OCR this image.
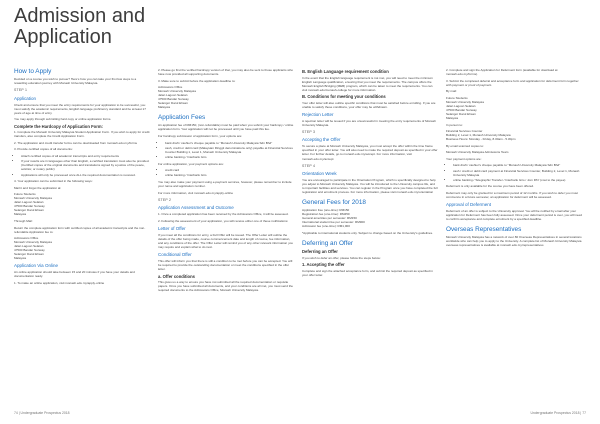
Admission and Application
How to Apply

Decided on a course you wish to pursue? Here's how you can take your first few steps to a rewarding education journey with Monash University Malaysia.

STEP 1
Application

Check and ensure that you meet the entry requirements for your application to be successful, you must satisfy the academic requirements, English language proficiency standard and be at least 17 years of age at time of entry.

You may apply through submitting hard copy or online application forms.

Complete the Hardcopy of Application Form:

1. Complete the Monash University Malaysia Student Application Form. If you wish to apply for credit transfers, also complete the Credit Application Form.

2. The application and credit transfer forms can be downloaded from monash.edu.my/forms

3. Provide certified copies of all documents:

• Attach certified copies of all academic transcripts and entry requirements
• If your results are in languages other than English, a certified translation must also be provided. (Certified copies of the original documents and translations signed by a justice of the peace, solicitor, or notary public)
• Applications will only be processed once ALL the required documentation is received.

4. Your application can be submitted in the following ways:

Mail it and forget the application at:

Future Students
Monash University Malaysia
Jalan Lagoon Selatan
47500 Bandar Sunway
Selangor Darul Ehsan
Malaysia

Through Mail:

Return the complete application form with certified copies of all academic transcripts and the non-refundable Application fee to:

Admissions Office
Monash University Malaysia
Jalan Lagoon Selatan
47500 Bandar Sunway
Selangor Darul Ehsan
Malaysia
Application Via Online

An online application should take between 15 and 20 minutes if you have your details and documentation ready.

1. To make an online application, visit monash.edu.my/apply-online

2. Please go first the verified hardcopy version of that, you may also be sent to those applicants who have now provided all supporting documents.

3. Make sure to submit before the application deadline to:

Admissions Office
Monash University Malaysia
Jalan Lagoon Selatan
47500 Bandar Sunway
Selangor Darul Ehsan
Malaysia
Application Fees

An application fee of RM150, (non-refundable) must be paid when you submit your hardcopy / online application form. Your application will not be processed until you have paid this fee.

For hardcopy submission of application form, your options are:

• bank draft / cashier's cheque payable to "Monash University Malaysia Sdn Bhd"
• cash, credit or debit card (Malaysian Ringgit denominations only) payable at Financial Services Counter Building 1, Level 1, Monash University Malaysia
• online banking / Interbank Giro

For online application, your payment options are:

• credit card
• online banking / Interbank Giro

You may also make your payment using e-payment services, however, please remember to include your name and application number.

For more information, visit monash.edu.my/apply-online

STEP 2
Application Assessment and Outcome

1. Once a completed application has been received by the Admissions Office, it will be assessed.

2. Following the assessment of your application, you will receive either one of these notifications:

Letter of Offer

If you meet all the conditions for entry, a Full Offer will be issued. The Offer Letter will outline the details of the offer being made, course commencement date and length of course, fee information, and any conditions of the offer. The Offer Letter will remind you of any other relevant information you may require and explain what to do next.

Conditional Offer

This offer will inform you that there is still a condition to be met before you can be accepted. You will be required to provide the outstanding documentation or meet the conditions specified in the offer letter.

a. Offer conditions

This gives us a way to ensure you have not submitted all the required documentation or requisite papers. Once you have submitted all documents, and your conditions are all met, you must send the required documents to the Admissions Office, Monash University Malaysia.

B. English Language requirement condition

In the event that the English language requirement is not met, you will need to meet the minimum English Language qualification, ensuring that you meet the requirements. The campus offers the Monash English Bridging (MEB) program, which can be taken to meet the requirements. You can visit monash.edu/monash-college for more information.

B. Conditions for meeting your conditions

Your offer letter will also outline specific conditions that must be satisfied before enrolling. If you are unable to satisfy these conditions, your offer may be withdrawn.

Rejection Letter

A rejection letter will be issued if you are unsuccessful in meeting the entry requirements of Monash University Malaysia.

STEP 3
Accepting the Offer

To secure a place at Monash University Malaysia, you must accept the offer within the time frame specified in your offer letter. You will also need to make the required deposit as specified in your offer letter. For further details, go to monash.edu.my/accept. For more information, visit monash.edu.my/accept

STEP 4
Orientation Week

You are encouraged to participate in the Orientation Program, which is specifically designed to help you adjust to Monash University Malaysia. You will be introduced to the University campus life, and to important facilities and services. You can register in the Program once you have completed the full registration and enrolment process. For more information, please visit monash.edu.my/orientation

General Fees for 2018
Application Fee (one-time): RM150
Registration fee (one-time): RM450
General amenities per semester: RM150
International student fee per semester: RM900
Admission fee (one-time): RM1,000

*Applicable to international students only. Subject to change based on the University's guidelines.

Deferring an Offer
Deferring an Offer

If you wish to defer an offer, please follow the steps below:

1. Accepting the offer

Complete and sign the attached acceptance form, and submit the required deposit as specified in your offer letter.

2. Complete and sign the Application for Deferment form (available for download at monash.edu.my/forms).

3. Submit the completed deferral and acceptance form and application for deferment form together with payment or proof of payment.

By mail:

Future Students
Monash University Malaysia
Jalan Lagoon Selatan
47500 Bandar Sunway
Selangor Darul Ehsan
Malaysia

In person to:

Financial Services Counter
Building 2, Level 1, Monash University Malaysia
Business Hours: Monday - Friday, 8.30am - 5.30pm

By email scanned copies to:

Monash University Malaysia Admissions Team

Your payment options are:

• bank draft / cashier's cheque payable to "Monash University Malaysia Sdn Bhd"
• cash / credit or debit card payment at Financial Services Counter, Building 2, Level 1, Monash University Malaysia
• online banking / Telegraphic Transfer / Interbank Giro / Jom PAY (cost to the payee)

Deferment is only available for the course you have been offered.

Deferment may only be granted for a maximum period of 12 months. If you wish to defer you must commence in a future semester, an application for deferment will be assessed.

Approval of Deferment

Deferment of an offer is subject to the University approval. You will be notified by email after your application for Deferment has been fully assessed. Once your deferment period is over, you will need to confirm acceptance and complete enrolment by a specified deadline.

Overseas Representatives

Monash University Malaysia has a network of over 80 Overseas Representatives in several locations worldwide who can help you to apply to the University. A complete list of Monash University Malaysia overseas representatives is available at monash.edu.my/representatives

74 | Undergraduate Prospectus 2018	Undergraduate Prospectus 2018 | 77
